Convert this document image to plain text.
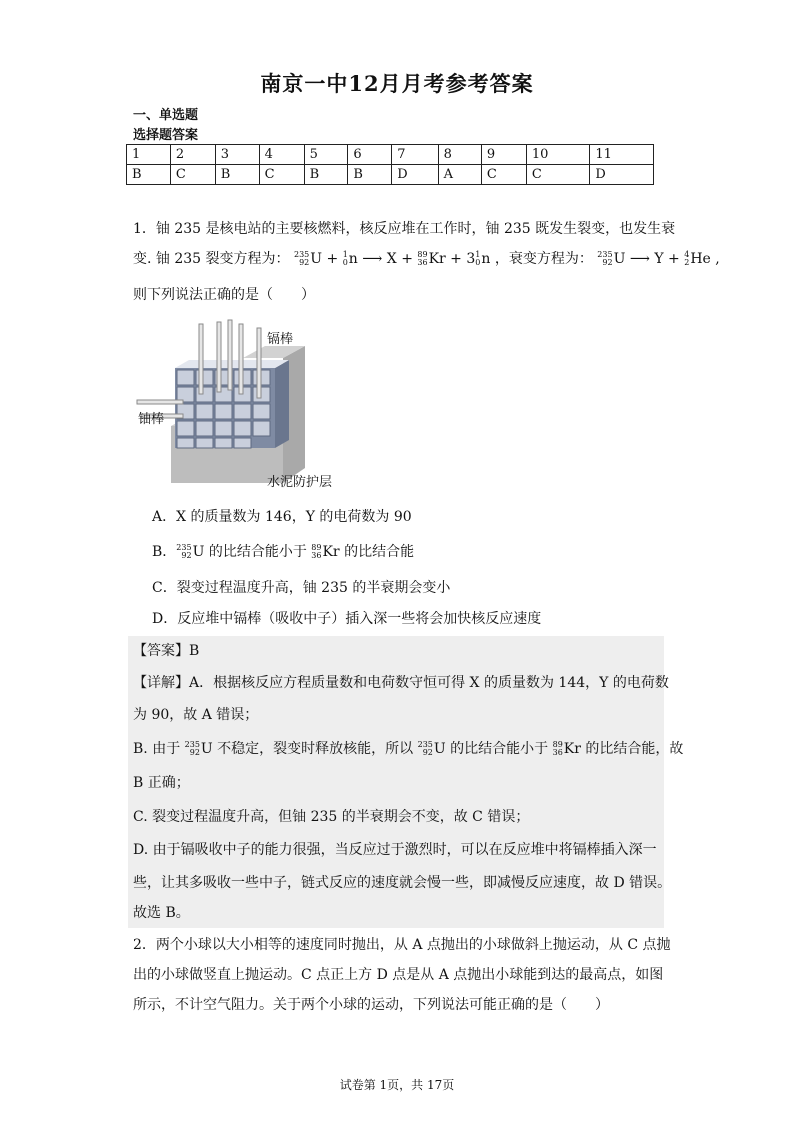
南京一中12月月考参考答案
一、单选题
选择题答案
1	2	3	4	5	6	7	8	9	10	11
B	C	B	C	B	B	D	A	C	C	D
1．铀 235 是核电站的主要核燃料，核反应堆在工作时，铀 235 既发生裂变，也发生衰
变. 铀 235 裂变方程为： 235
92 U + 1
0 n ⟶ X + 89
36 Kr + 3 1
0 n ，衰变方程为： 235
92 U ⟶ Y + 4
2 He ,
则下列说法正确的是（　　）
镉棒
铀棒
水泥防护层
A．X 的质量数为 146，Y 的电荷数为 90
B． 235
92 U 的比结合能小于 89
36 Kr 的比结合能
C．裂变过程温度升高，铀 235 的半衰期会变小
D．反应堆中镉棒（吸收中子）插入深一些将会加快核反应速度
【答案】B
【详解】A．根据核反应方程质量数和电荷数守恒可得 X 的质量数为 144，Y 的电荷数
为 90，故 A 错误；
B. 由于 235
92 U 不稳定，裂变时释放核能，所以 235
92 U 的比结合能小于 89
36 Kr 的比结合能，故
B 正确；
C. 裂变过程温度升高，但铀 235 的半衰期会不变，故 C 错误；
D. 由于镉吸收中子的能力很强，当反应过于激烈时，可以在反应堆中将镉棒插入深一
些，让其多吸收一些中子，链式反应的速度就会慢一些，即减慢反应速度，故 D 错误。
故选 B。
2．两个小球以大小相等的速度同时抛出，从 A 点抛出的小球做斜上抛运动，从 C 点抛
出的小球做竖直上抛运动。C 点正上方 D 点是从 A 点抛出小球能到达的最高点，如图
所示，不计空气阻力。关于两个小球的运动，下列说法可能正确的是（　　）
试卷第 1页，共 17页
